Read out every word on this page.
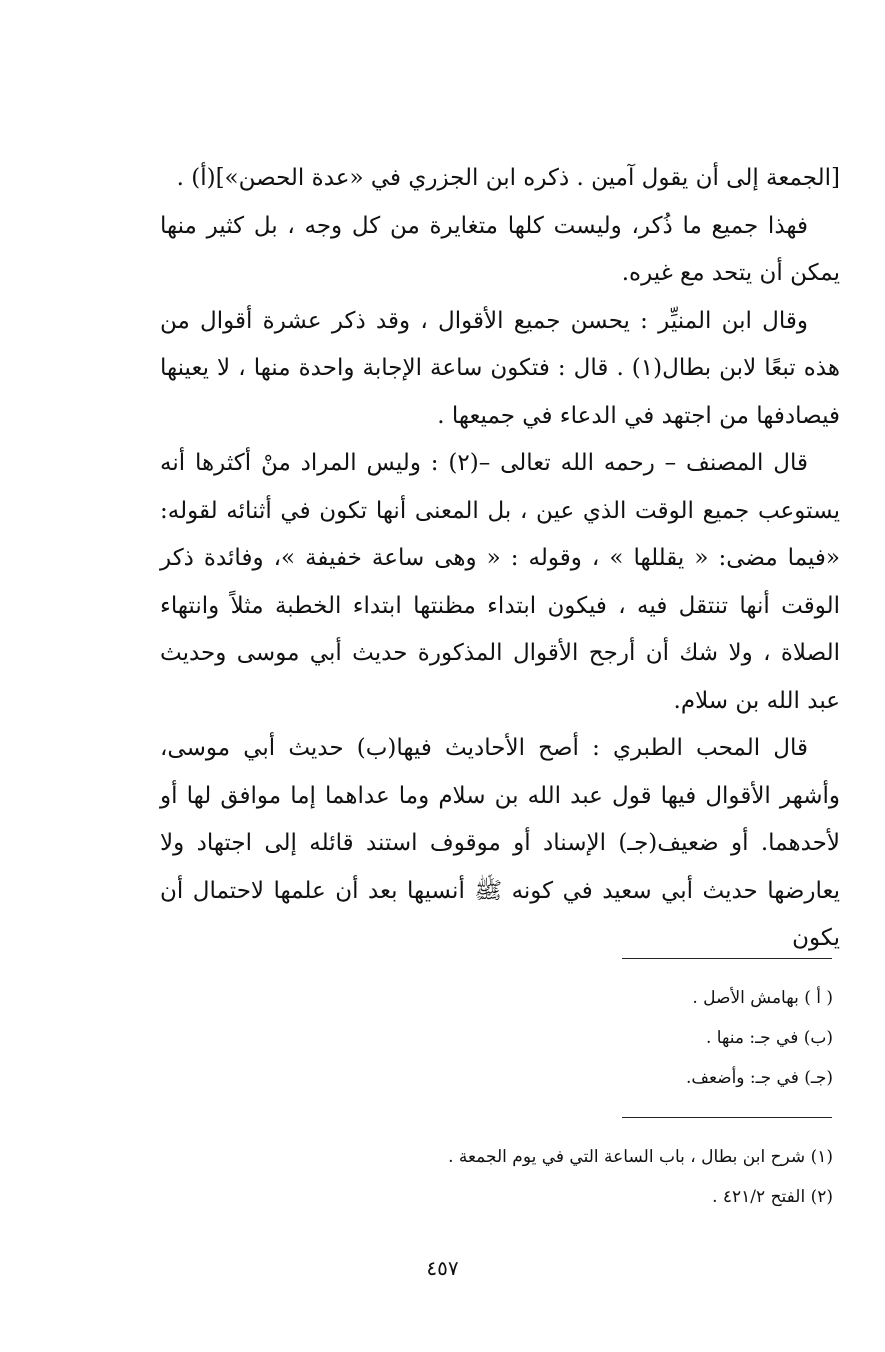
[الجمعة إلى أن يقول آمين . ذكره ابن الجزري في «عدة الحصن»](أ) .

فهذا جميع ما ذُكر، وليست كلها متغايرة من كل وجه ، بل كثير منها يمكن أن يتحد مع غيره.

وقال ابن المنيِّر : يحسن جميع الأقوال ، وقد ذكر عشرة أقوال من هذه تبعًا لابن بطال(١) . قال : فتكون ساعة الإجابة واحدة منها ، لا يعينها فيصادفها من اجتهد في الدعاء في جميعها .

قال المصنف – رحمه الله تعالى –(٢) : وليس المراد منْ أكثرها أنه يستوعب جميع الوقت الذي عين ، بل المعنى أنها تكون في أثنائه لقوله: «فيما مضى: « يقللها » ، وقوله : « وهى ساعة خفيفة »، وفائدة ذكر الوقت أنها تنتقل فيه ، فيكون ابتداء مظنتها ابتداء الخطبة مثلاً وانتهاء الصلاة ، ولا شك أن أرجح الأقوال المذكورة حديث أبي موسى وحديث عبد الله بن سلام.

قال المحب الطبري : أصح الأحاديث فيها(ب) حديث أبي موسى، وأشهر الأقوال فيها قول عبد الله بن سلام وما عداهما إما موافق لها أو لأحدهما. أو ضعيف(جـ) الإسناد أو موقوف استند قائله إلى اجتهاد ولا يعارضها حديث أبي سعيد في كونه ﷺ أنسيها بعد أن علمها لاحتمال أن يكون

( أ ) بهامش الأصل .

(ب) في جـ: منها .

(جـ) في جـ: وأضعف.

(١) شرح ابن بطال ، باب الساعة التي في يوم الجمعة .

(٢) الفتح ٤٢١/٢ .

٤٥٧
